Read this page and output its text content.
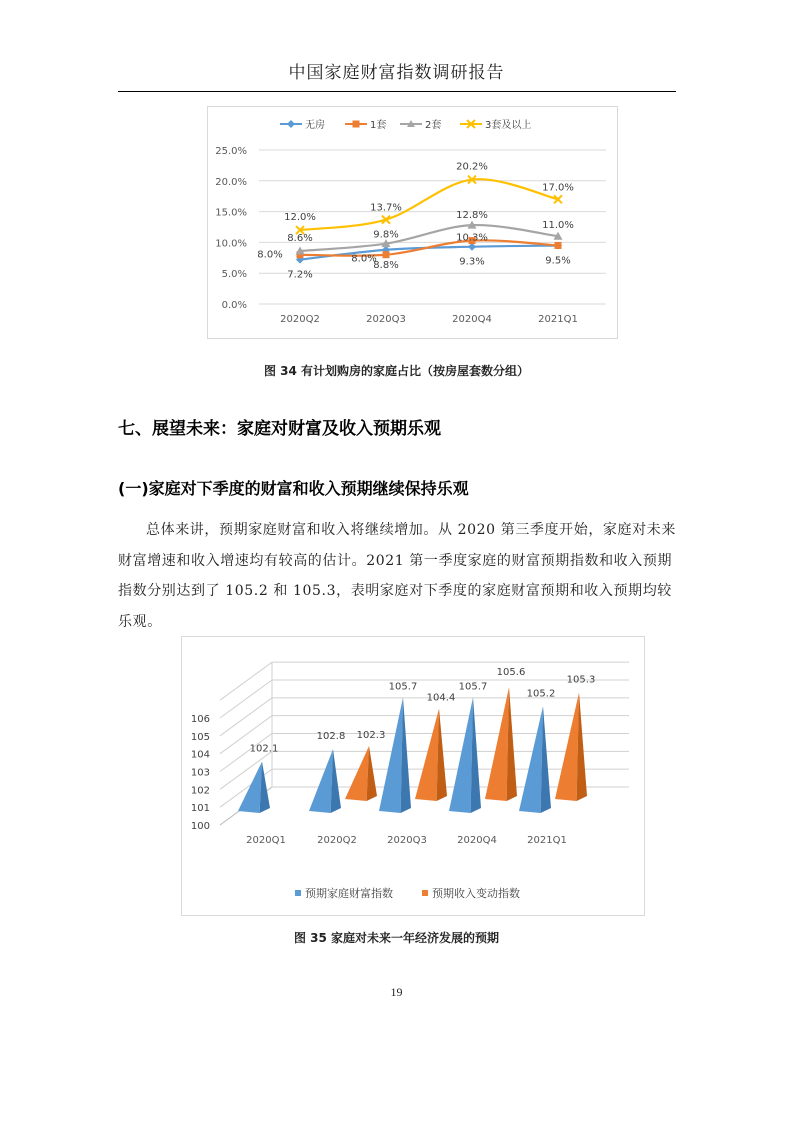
中国家庭财富指数调研报告
0.0%
5.0%
10.0%
15.0%
20.0%
25.0%
2020Q2	2020Q3	2020Q4	2021Q1
7.2%
8.8%	9.3%	9.5%
8.0%	8.0%
10.3%
8.6%	9.8%
12.8%
11.0%
12.0%
13.7%
20.2%
17.0%
无房	1套	2套	3套及以上
图 34 有计划购房的家庭占比（按房屋套数分组）
七、展望未来：家庭对财富及收入预期乐观
(一)家庭对下季度的财富和收入预期继续保持乐观

总体来讲，预期家庭财富和收入将继续增加。从 2020 第三季度开始，家庭对未来财富增速和收入增速均有较高的估计。2021 第一季度家庭的财富预期指数和收入预期指数分别达到了 105.2 和 105.3，表明家庭对下季度的家庭财富预期和收入预期均较乐观。

100
101
102
103
104
105
106
102.1
102.8 102.3
105.7
104.4
105.7
105.6
105.2
105.3
2020Q1	2020Q2	2020Q3	2020Q4	2021Q1
预期家庭财富指数	预期收入变动指数
图 35 家庭对未来一年经济发展的预期
19
